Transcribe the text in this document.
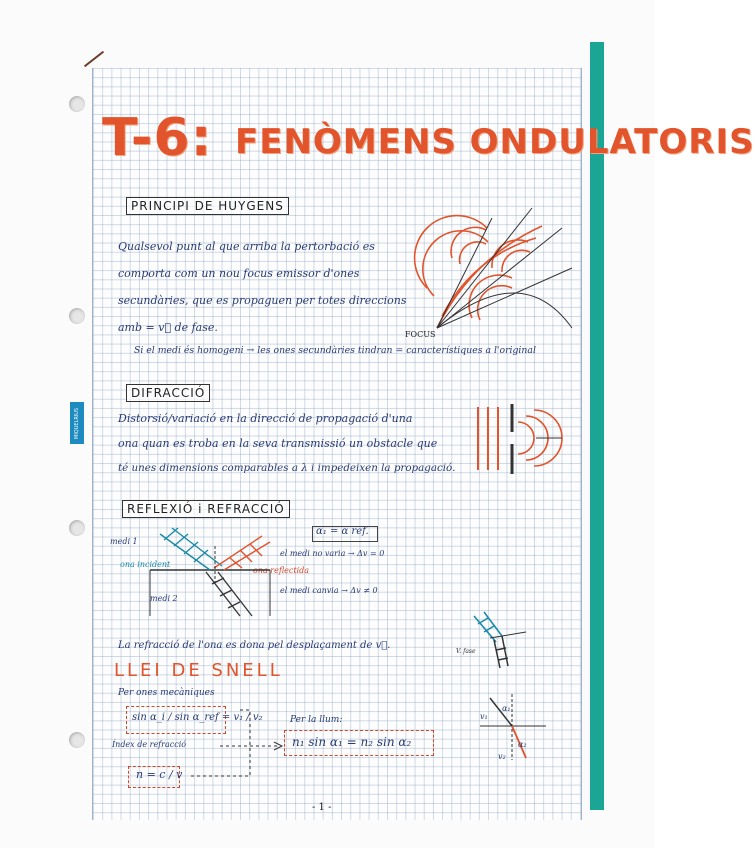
MIQUELRIUS
T-6: FENÒMENS ONDULATORIS
PRINCIPI DE HUYGENS
Qualsevol punt al que arriba la pertorbació es
comporta com un nou focus emissor d'ones
secundàries, que es propaguen per totes direccions
amb = v⃗ de fase.
Si el medi és homogeni → les ones secundàries tindran = característiques a l'original
FOCUS
DIFRACCIÓ
Distorsió/variació en la direcció de propagació d'una
ona quan es troba en la seva transmissió un obstacle que
té unes dimensions comparables a λ i impedeixen la propagació.
REFLEXIÓ i REFRACCIÓ
α₁ = α ref.
medi 1
ona incident
ona reflectida
el medi no varia → Δv = 0
el medi canvia → Δv ≠ 0
medi 2
La refracció de l'ona es dona pel desplaçament de v⃗.
V. fase
LLEI DE SNELL
Per ones mecàniques
sin α_i / sin α_ref = v₁ / v₂	Per la llum:
n₁ sin α₁ = n₂ sin α₂
Índex de refracció
n = c / v
v₁
v₂
α₁
α₂
- 1 -
